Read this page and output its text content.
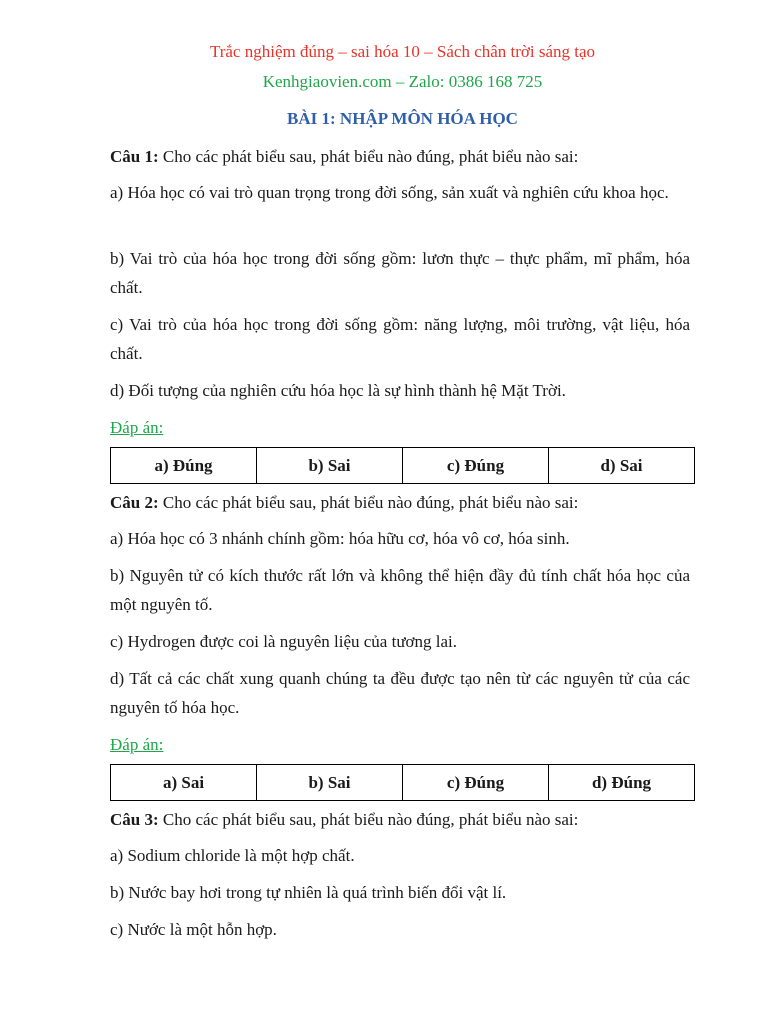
Trắc nghiệm đúng – sai hóa 10 – Sách chân trời sáng tạo

Kenhgiaovien.com – Zalo: 0386 168 725

BÀI 1: NHẬP MÔN HÓA HỌC

Câu 1: Cho các phát biểu sau, phát biểu nào đúng, phát biểu nào sai:

a) Hóa học có vai trò quan trọng trong đời sống, sản xuất và nghiên cứu khoa học.

b) Vai trò của hóa học trong đời sống gồm: lươn thực – thực phẩm, mĩ phẩm, hóa chất.

c) Vai trò của hóa học trong đời sống gồm: năng lượng, môi trường, vật liệu, hóa chất.

d) Đối tượng của nghiên cứu hóa học là sự hình thành hệ Mặt Trời.

Đáp án:
a) Đúng	b) Sai	c) Đúng	d) Sai

Câu 2: Cho các phát biểu sau, phát biểu nào đúng, phát biểu nào sai:

a) Hóa học có 3 nhánh chính gồm: hóa hữu cơ, hóa vô cơ, hóa sinh.

b) Nguyên tử có kích thước rất lớn và không thể hiện đầy đủ tính chất hóa học của một nguyên tố.

c) Hydrogen được coi là nguyên liệu của tương lai.

d) Tất cả các chất xung quanh chúng ta đều được tạo nên từ các nguyên tử của các nguyên tố hóa học.

Đáp án:
a) Sai	b) Sai	c) Đúng	d) Đúng

Câu 3: Cho các phát biểu sau, phát biểu nào đúng, phát biểu nào sai:

a) Sodium chloride là một hợp chất.

b) Nước bay hơi trong tự nhiên là quá trình biến đổi vật lí.

c) Nước là một hỗn hợp.
